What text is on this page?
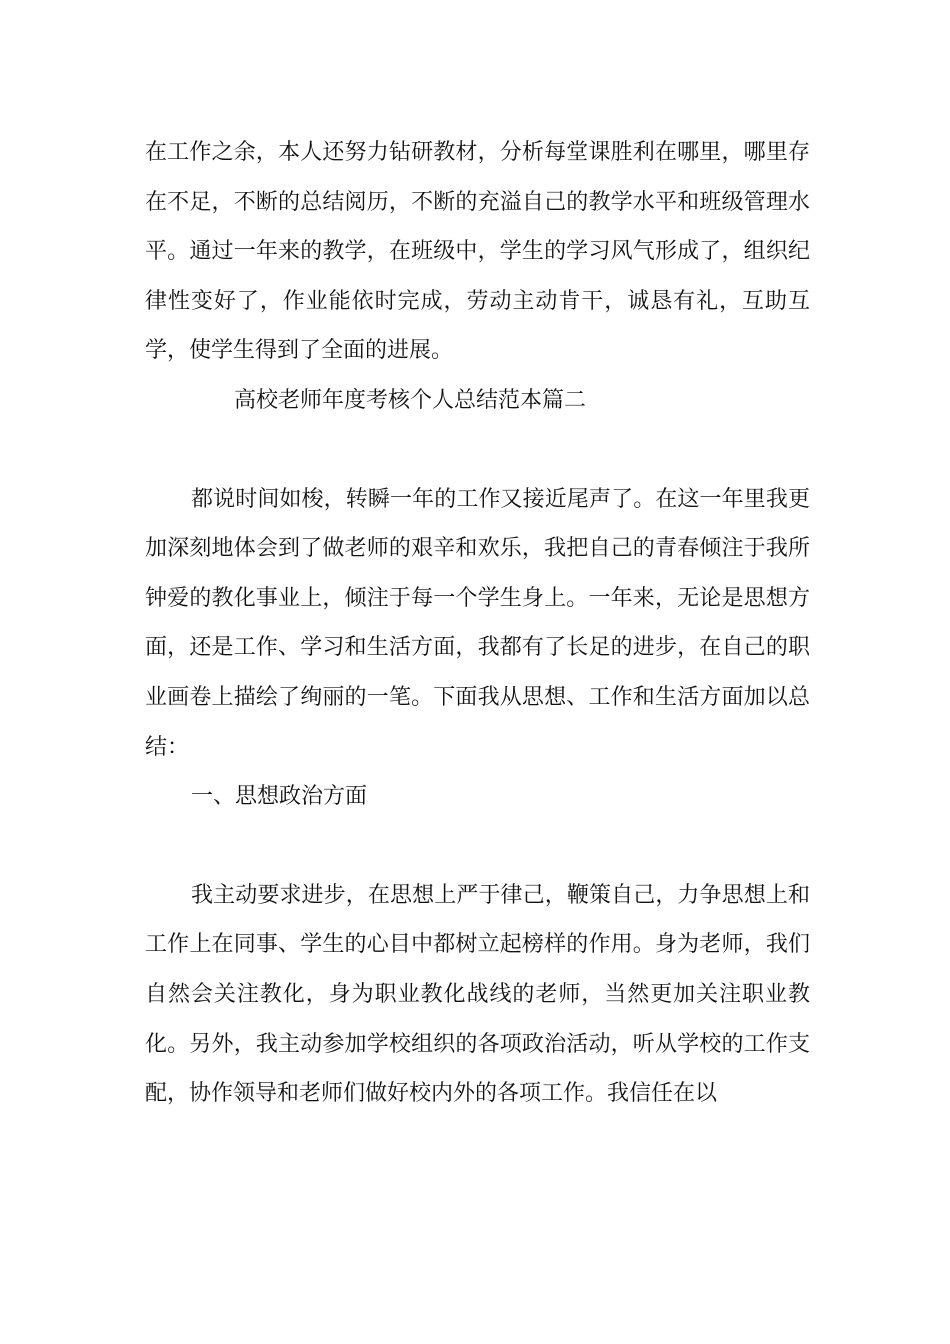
在工作之余，本人还努力钻研教材，分析每堂课胜利在哪里，哪里存在不足，不断的总结阅历，不断的充溢自己的教学水平和班级管理水平。通过一年来的教学，在班级中，学生的学习风气形成了，组织纪律性变好了，作业能依时完成，劳动主动肯干，诚恳有礼，互助互学，使学生得到了全面的进展。

高校老师年度考核个人总结范本篇二

都说时间如梭，转瞬一年的工作又接近尾声了。在这一年里我更加深刻地体会到了做老师的艰辛和欢乐，我把自己的青春倾注于我所钟爱的教化事业上，倾注于每一个学生身上。一年来，无论是思想方面，还是工作、学习和生活方面，我都有了长足的进步，在自己的职业画卷上描绘了绚丽的一笔。下面我从思想、工作和生活方面加以总结：

一、思想政治方面

我主动要求进步，在思想上严于律己，鞭策自己，力争思想上和工作上在同事、学生的心目中都树立起榜样的作用。身为老师，我们自然会关注教化，身为职业教化战线的老师，当然更加关注职业教化。另外，我主动参加学校组织的各项政治活动，听从学校的工作支配，协作领导和老师们做好校内外的各项工作。我信任在以
